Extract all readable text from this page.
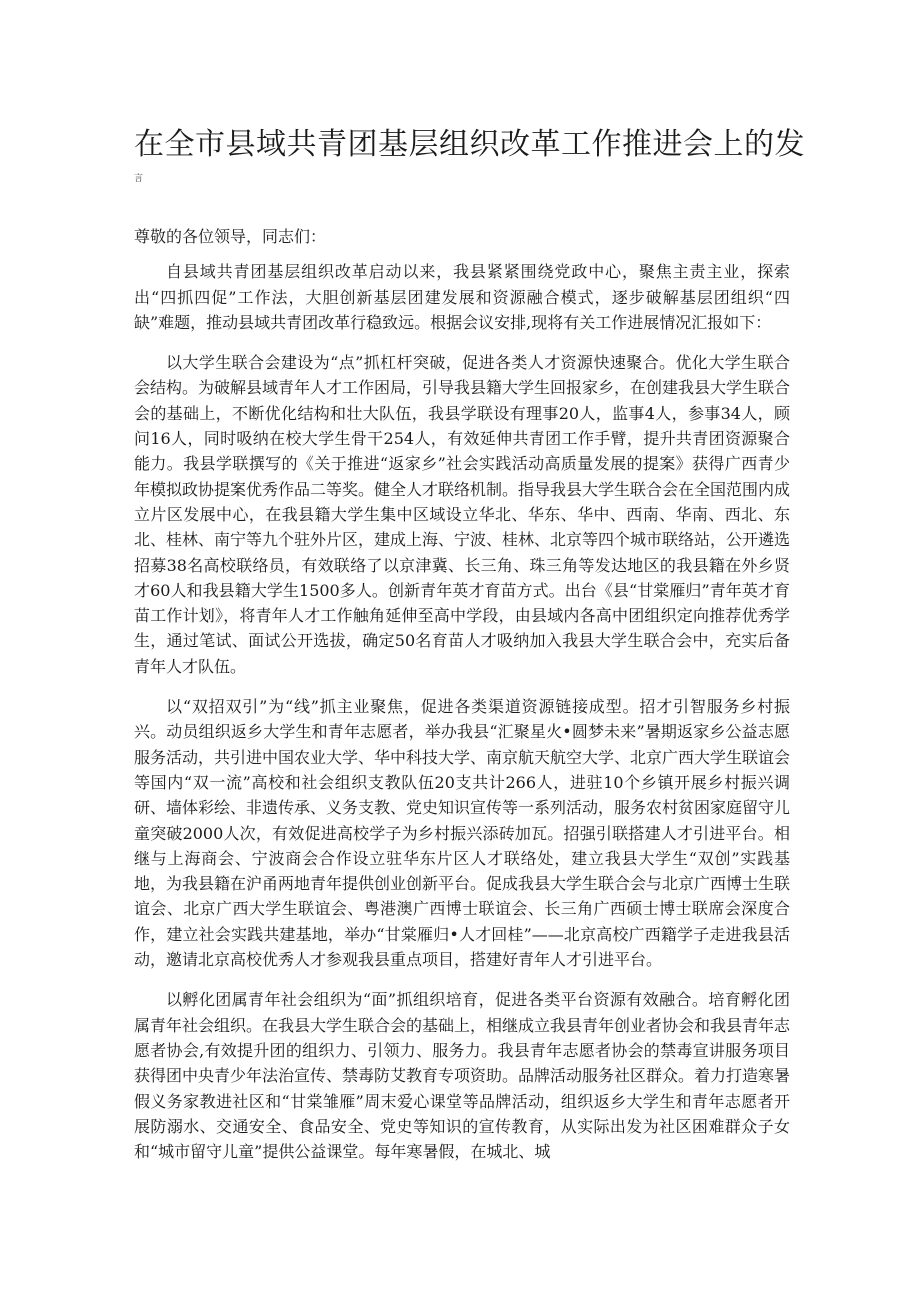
在全市县域共青团基层组织改革工作推进会上的发
言

尊敬的各位领导，同志们：

自县域共青团基层组织改革启动以来，我县紧紧围绕党政中心，聚焦主责主业，探索出“四抓四促”工作法，大胆创新基层团建发展和资源融合模式，逐步破解基层团组织“四缺”难题，推动县域共青团改革行稳致远。根据会议安排,现将有关工作进展情况汇报如下：

以大学生联合会建设为“点”抓杠杆突破，促进各类人才资源快速聚合。优化大学生联合会结构。为破解县域青年人才工作困局，引导我县籍大学生回报家乡，在创建我县大学生联合会的基础上，不断优化结构和壮大队伍，我县学联设有理事20人，监事4人，参事34人，顾问16人，同时吸纳在校大学生骨干254人，有效延伸共青团工作手臂，提升共青团资源聚合能力。我县学联撰写的《关于推进“返家乡”社会实践活动高质量发展的提案》获得广西青少年模拟政协提案优秀作品二等奖。健全人才联络机制。指导我县大学生联合会在全国范围内成立片区发展中心，在我县籍大学生集中区域设立华北、华东、华中、西南、华南、西北、东北、桂林、南宁等九个驻外片区，建成上海、宁波、桂林、北京等四个城市联络站，公开遴选招募38名高校联络员，有效联络了以京津冀、长三角、珠三角等发达地区的我县籍在外乡贤才60人和我县籍大学生1500多人。创新青年英才育苗方式。出台《县“甘棠雁归”青年英才育苗工作计划》，将青年人才工作触角延伸至高中学段，由县域内各高中团组织定向推荐优秀学生，通过笔试、面试公开选拔，确定50名育苗人才吸纳加入我县大学生联合会中，充实后备青年人才队伍。

以“双招双引”为“线”抓主业聚焦，促进各类渠道资源链接成型。招才引智服务乡村振兴。动员组织返乡大学生和青年志愿者，举办我县“汇聚星火•圆梦未来”暑期返家乡公益志愿服务活动，共引进中国农业大学、华中科技大学、南京航天航空大学、北京广西大学生联谊会等国内“双一流”高校和社会组织支教队伍20支共计266人，进驻10个乡镇开展乡村振兴调研、墙体彩绘、非遗传承、义务支教、党史知识宣传等一系列活动，服务农村贫困家庭留守儿童突破2000人次，有效促进高校学子为乡村振兴添砖加瓦。招强引联搭建人才引进平台。相继与上海商会、宁波商会合作设立驻华东片区人才联络处，建立我县大学生“双创”实践基地，为我县籍在沪甬两地青年提供创业创新平台。促成我县大学生联合会与北京广西博士生联谊会、北京广西大学生联谊会、粤港澳广西博士联谊会、长三角广西硕士博士联席会深度合作，建立社会实践共建基地，举办“甘棠雁归•人才回桂”——北京高校广西籍学子走进我县活动，邀请北京高校优秀人才参观我县重点项目，搭建好青年人才引进平台。

以孵化团属青年社会组织为“面”抓组织培育，促进各类平台资源有效融合。培育孵化团属青年社会组织。在我县大学生联合会的基础上，相继成立我县青年创业者协会和我县青年志愿者协会,有效提升团的组织力、引领力、服务力。我县青年志愿者协会的禁毒宣讲服务项目获得团中央青少年法治宣传、禁毒防艾教育专项资助。品牌活动服务社区群众。着力打造寒暑假义务家教进社区和“甘棠雏雁”周末爱心课堂等品牌活动，组织返乡大学生和青年志愿者开展防溺水、交通安全、食品安全、党史等知识的宣传教育，从实际出发为社区困难群众子女和“城市留守儿童”提供公益课堂。每年寒暑假，在城北、城
